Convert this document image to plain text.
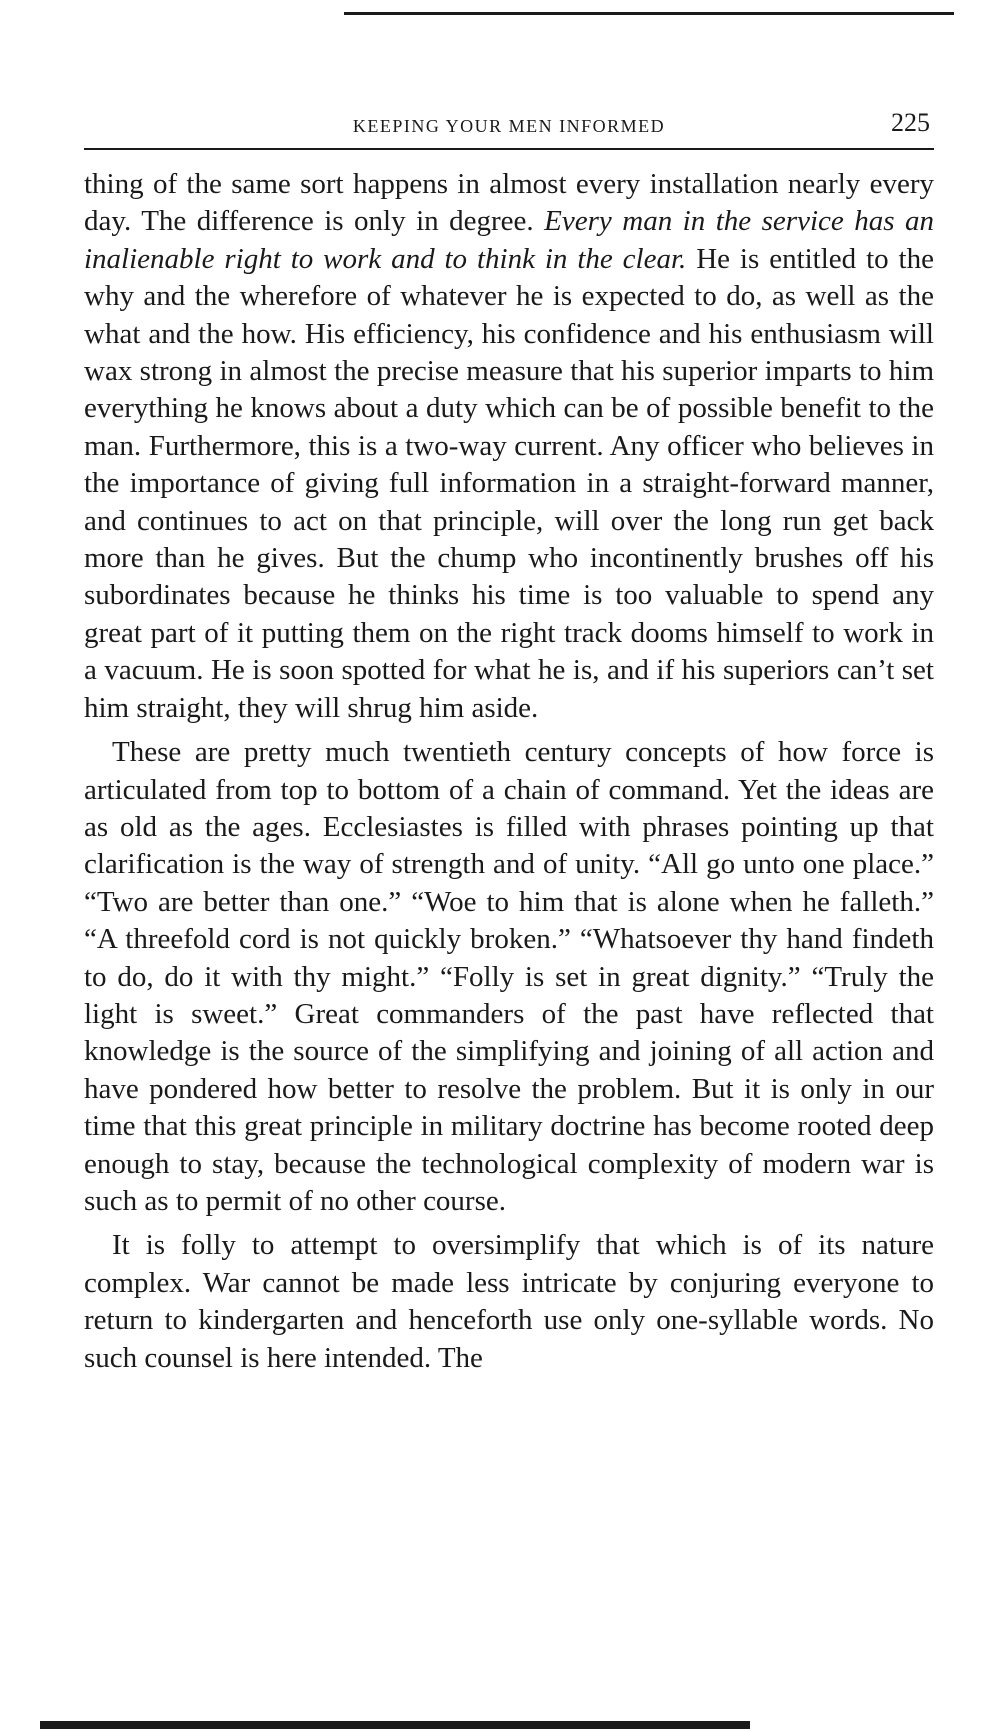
KEEPING YOUR MEN INFORMED	225

thing of the same sort happens in almost every installation nearly every day. The difference is only in degree. Every man in the service has an inalienable right to work and to think in the clear. He is entitled to the why and the wherefore of whatever he is expected to do, as well as the what and the how. His efficiency, his confidence and his enthusiasm will wax strong in almost the precise measure that his superior imparts to him everything he knows about a duty which can be of possible benefit to the man. Furthermore, this is a two-way current. Any officer who believes in the importance of giving full information in a straight-forward manner, and continues to act on that principle, will over the long run get back more than he gives. But the chump who incontinently brushes off his subordinates because he thinks his time is too valuable to spend any great part of it putting them on the right track dooms himself to work in a vacuum. He is soon spotted for what he is, and if his superiors can’t set him straight, they will shrug him aside.

These are pretty much twentieth century concepts of how force is articulated from top to bottom of a chain of command. Yet the ideas are as old as the ages. Ecclesiastes is filled with phrases pointing up that clarification is the way of strength and of unity. “All go unto one place.” “Two are better than one.” “Woe to him that is alone when he falleth.” “A threefold cord is not quickly broken.” “Whatsoever thy hand findeth to do, do it with thy might.” “Folly is set in great dignity.” “Truly the light is sweet.” Great commanders of the past have reflected that knowledge is the source of the simplifying and joining of all action and have pondered how better to resolve the problem. But it is only in our time that this great principle in military doctrine has become rooted deep enough to stay, because the technological complexity of modern war is such as to permit of no other course.

It is folly to attempt to oversimplify that which is of its nature complex. War cannot be made less intricate by conjuring everyone to return to kindergarten and henceforth use only one-syllable words. No such counsel is here intended. The
